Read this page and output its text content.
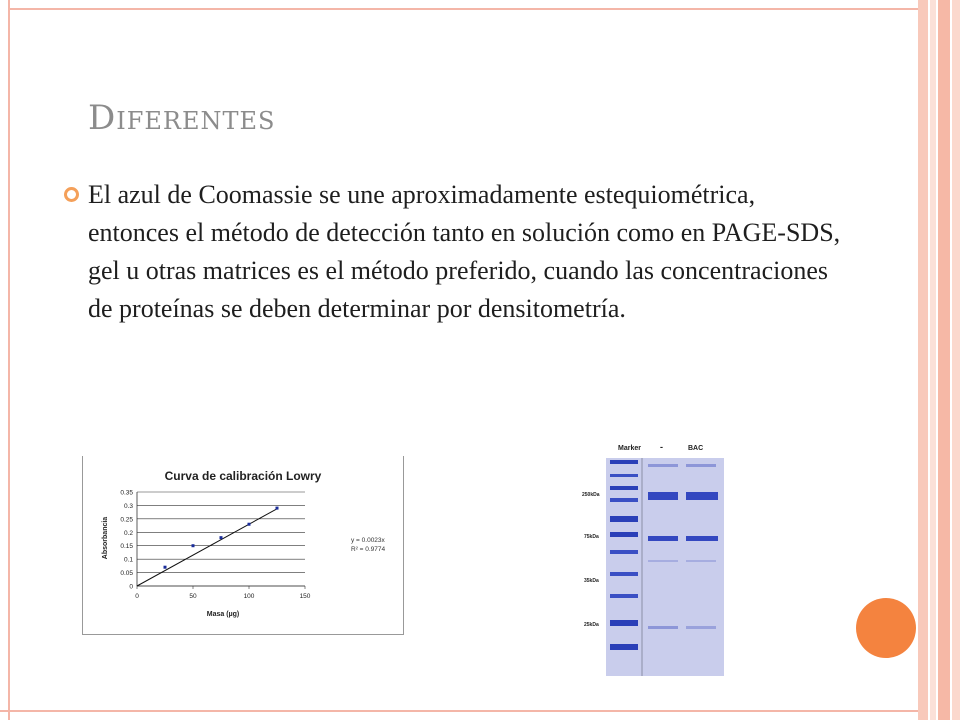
Diferentes
El azul de Coomassie se une aproximadamente estequiométrica, entonces el método de detección tanto en solución como en PAGE-SDS, gel u otras matrices es el método preferido, cuando las concentraciones de proteínas se deben determinar por densitometría.
Curva de calibración Lowry
Absorbancia
Masa (µg)
0
0.05
0.1
0.15
0.2
0.25
0.3
0.35
0	50	100	150
y = 0.0023x
R² = 0.9774
Marker -	BAC
250kDa
75kDa
35kDa
25kDa
